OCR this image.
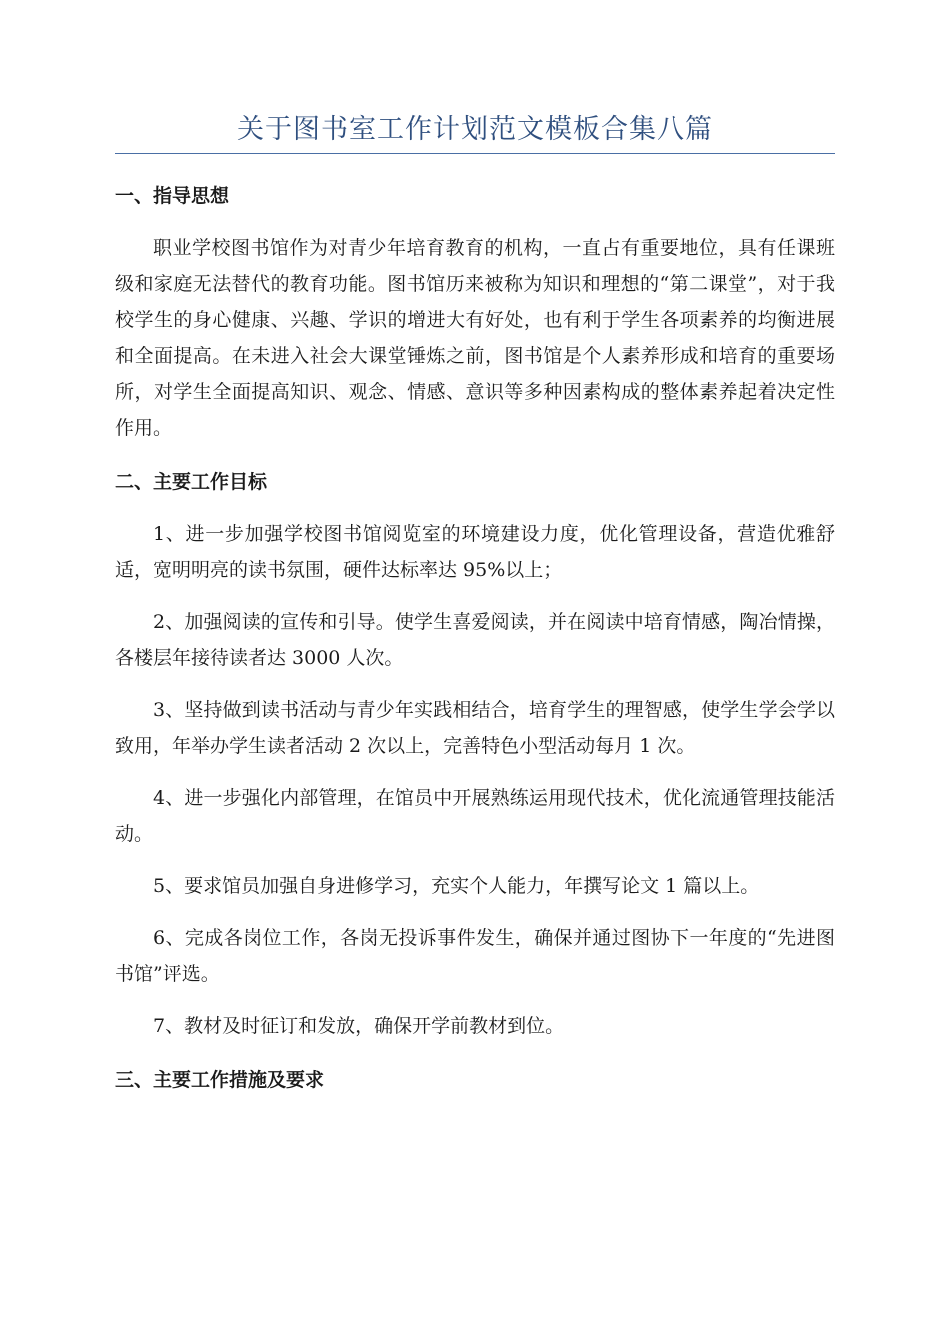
关于图书室工作计划范文模板合集八篇
一、指导思想

职业学校图书馆作为对青少年培育教育的机构，一直占有重要地位，具有任课班级和家庭无法替代的教育功能。图书馆历来被称为知识和理想的“第二课堂”，对于我校学生的身心健康、兴趣、学识的增进大有好处，也有利于学生各项素养的均衡进展和全面提高。在未进入社会大课堂锤炼之前，图书馆是个人素养形成和培育的重要场所，对学生全面提高知识、观念、情感、意识等多种因素构成的整体素养起着决定性作用。

二、主要工作目标

1、进一步加强学校图书馆阅览室的环境建设力度，优化管理设备，营造优雅舒适，宽明明亮的读书氛围，硬件达标率达 95%以上；

2、加强阅读的宣传和引导。使学生喜爱阅读，并在阅读中培育情感，陶冶情操，各楼层年接待读者达 3000 人次。

3、坚持做到读书活动与青少年实践相结合，培育学生的理智感，使学生学会学以致用，年举办学生读者活动 2 次以上，完善特色小型活动每月 1 次。

4、进一步强化内部管理，在馆员中开展熟练运用现代技术，优化流通管理技能活动。

5、要求馆员加强自身进修学习，充实个人能力，年撰写论文 1 篇以上。

6、完成各岗位工作，各岗无投诉事件发生，确保并通过图协下一年度的“先进图书馆”评选。

7、教材及时征订和发放，确保开学前教材到位。

三、主要工作措施及要求
